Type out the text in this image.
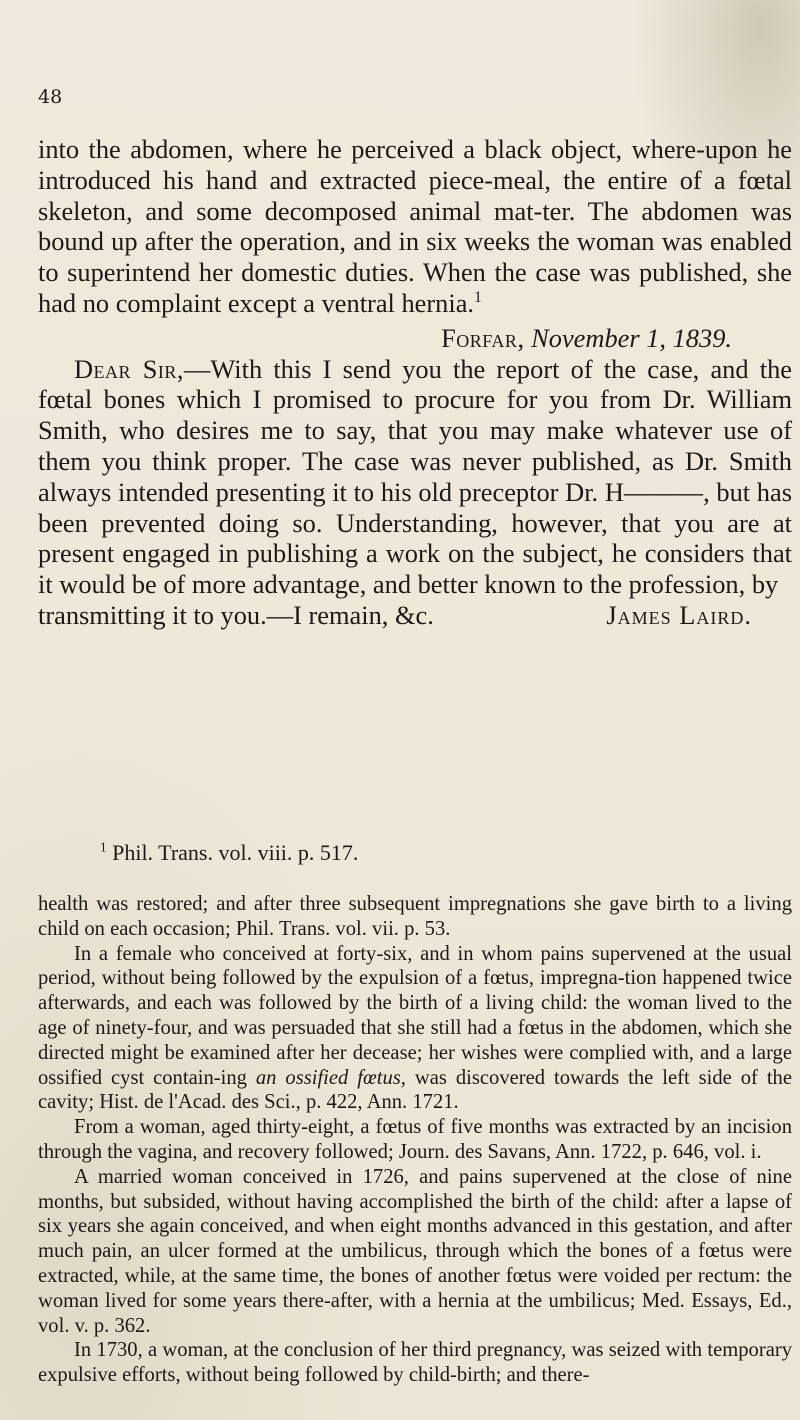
48

into the abdomen, where he perceived a black object, where-upon he introduced his hand and extracted piece-meal, the entire of a fœtal skeleton, and some decomposed animal mat-ter. The abdomen was bound up after the operation, and in six weeks the woman was enabled to superintend her domestic duties. When the case was published, she had no complaint except a ventral hernia.$^1$

Forfar, November 1, 1839.

Dear Sir,—With this I send you the report of the case, and the fœtal bones which I promised to procure for you from Dr. William Smith, who desires me to say, that you may make whatever use of them you think proper. The case was never published, as Dr. Smith always intended presenting it to his old preceptor Dr. H———, but has been prevented doing so. Understanding, however, that you are at present engaged in publishing a work on the subject, he considers that it would be of more advantage, and better known to the profession, by

transmitting it to you.—I remain, &c.	James Laird.

$^1$ Phil. Trans. vol. viii. p. 517.

health was restored; and after three subsequent impregnations she gave birth to a living child on each occasion; Phil. Trans. vol. vii. p. 53.

In a female who conceived at forty-six, and in whom pains supervened at the usual period, without being followed by the expulsion of a fœtus, impregna-tion happened twice afterwards, and each was followed by the birth of a living child: the woman lived to the age of ninety-four, and was persuaded that she still had a fœtus in the abdomen, which she directed might be examined after her decease; her wishes were complied with, and a large ossified cyst contain-ing an ossified fœtus, was discovered towards the left side of the cavity; Hist. de l'Acad. des Sci., p. 422, Ann. 1721.

From a woman, aged thirty-eight, a fœtus of five months was extracted by an incision through the vagina, and recovery followed; Journ. des Savans, Ann. 1722, p. 646, vol. i.

A married woman conceived in 1726, and pains supervened at the close of nine months, but subsided, without having accomplished the birth of the child: after a lapse of six years she again conceived, and when eight months advanced in this gestation, and after much pain, an ulcer formed at the umbilicus, through which the bones of a fœtus were extracted, while, at the same time, the bones of another fœtus were voided per rectum: the woman lived for some years there-after, with a hernia at the umbilicus; Med. Essays, Ed., vol. v. p. 362.

In 1730, a woman, at the conclusion of her third pregnancy, was seized with temporary expulsive efforts, without being followed by child-birth; and there-
